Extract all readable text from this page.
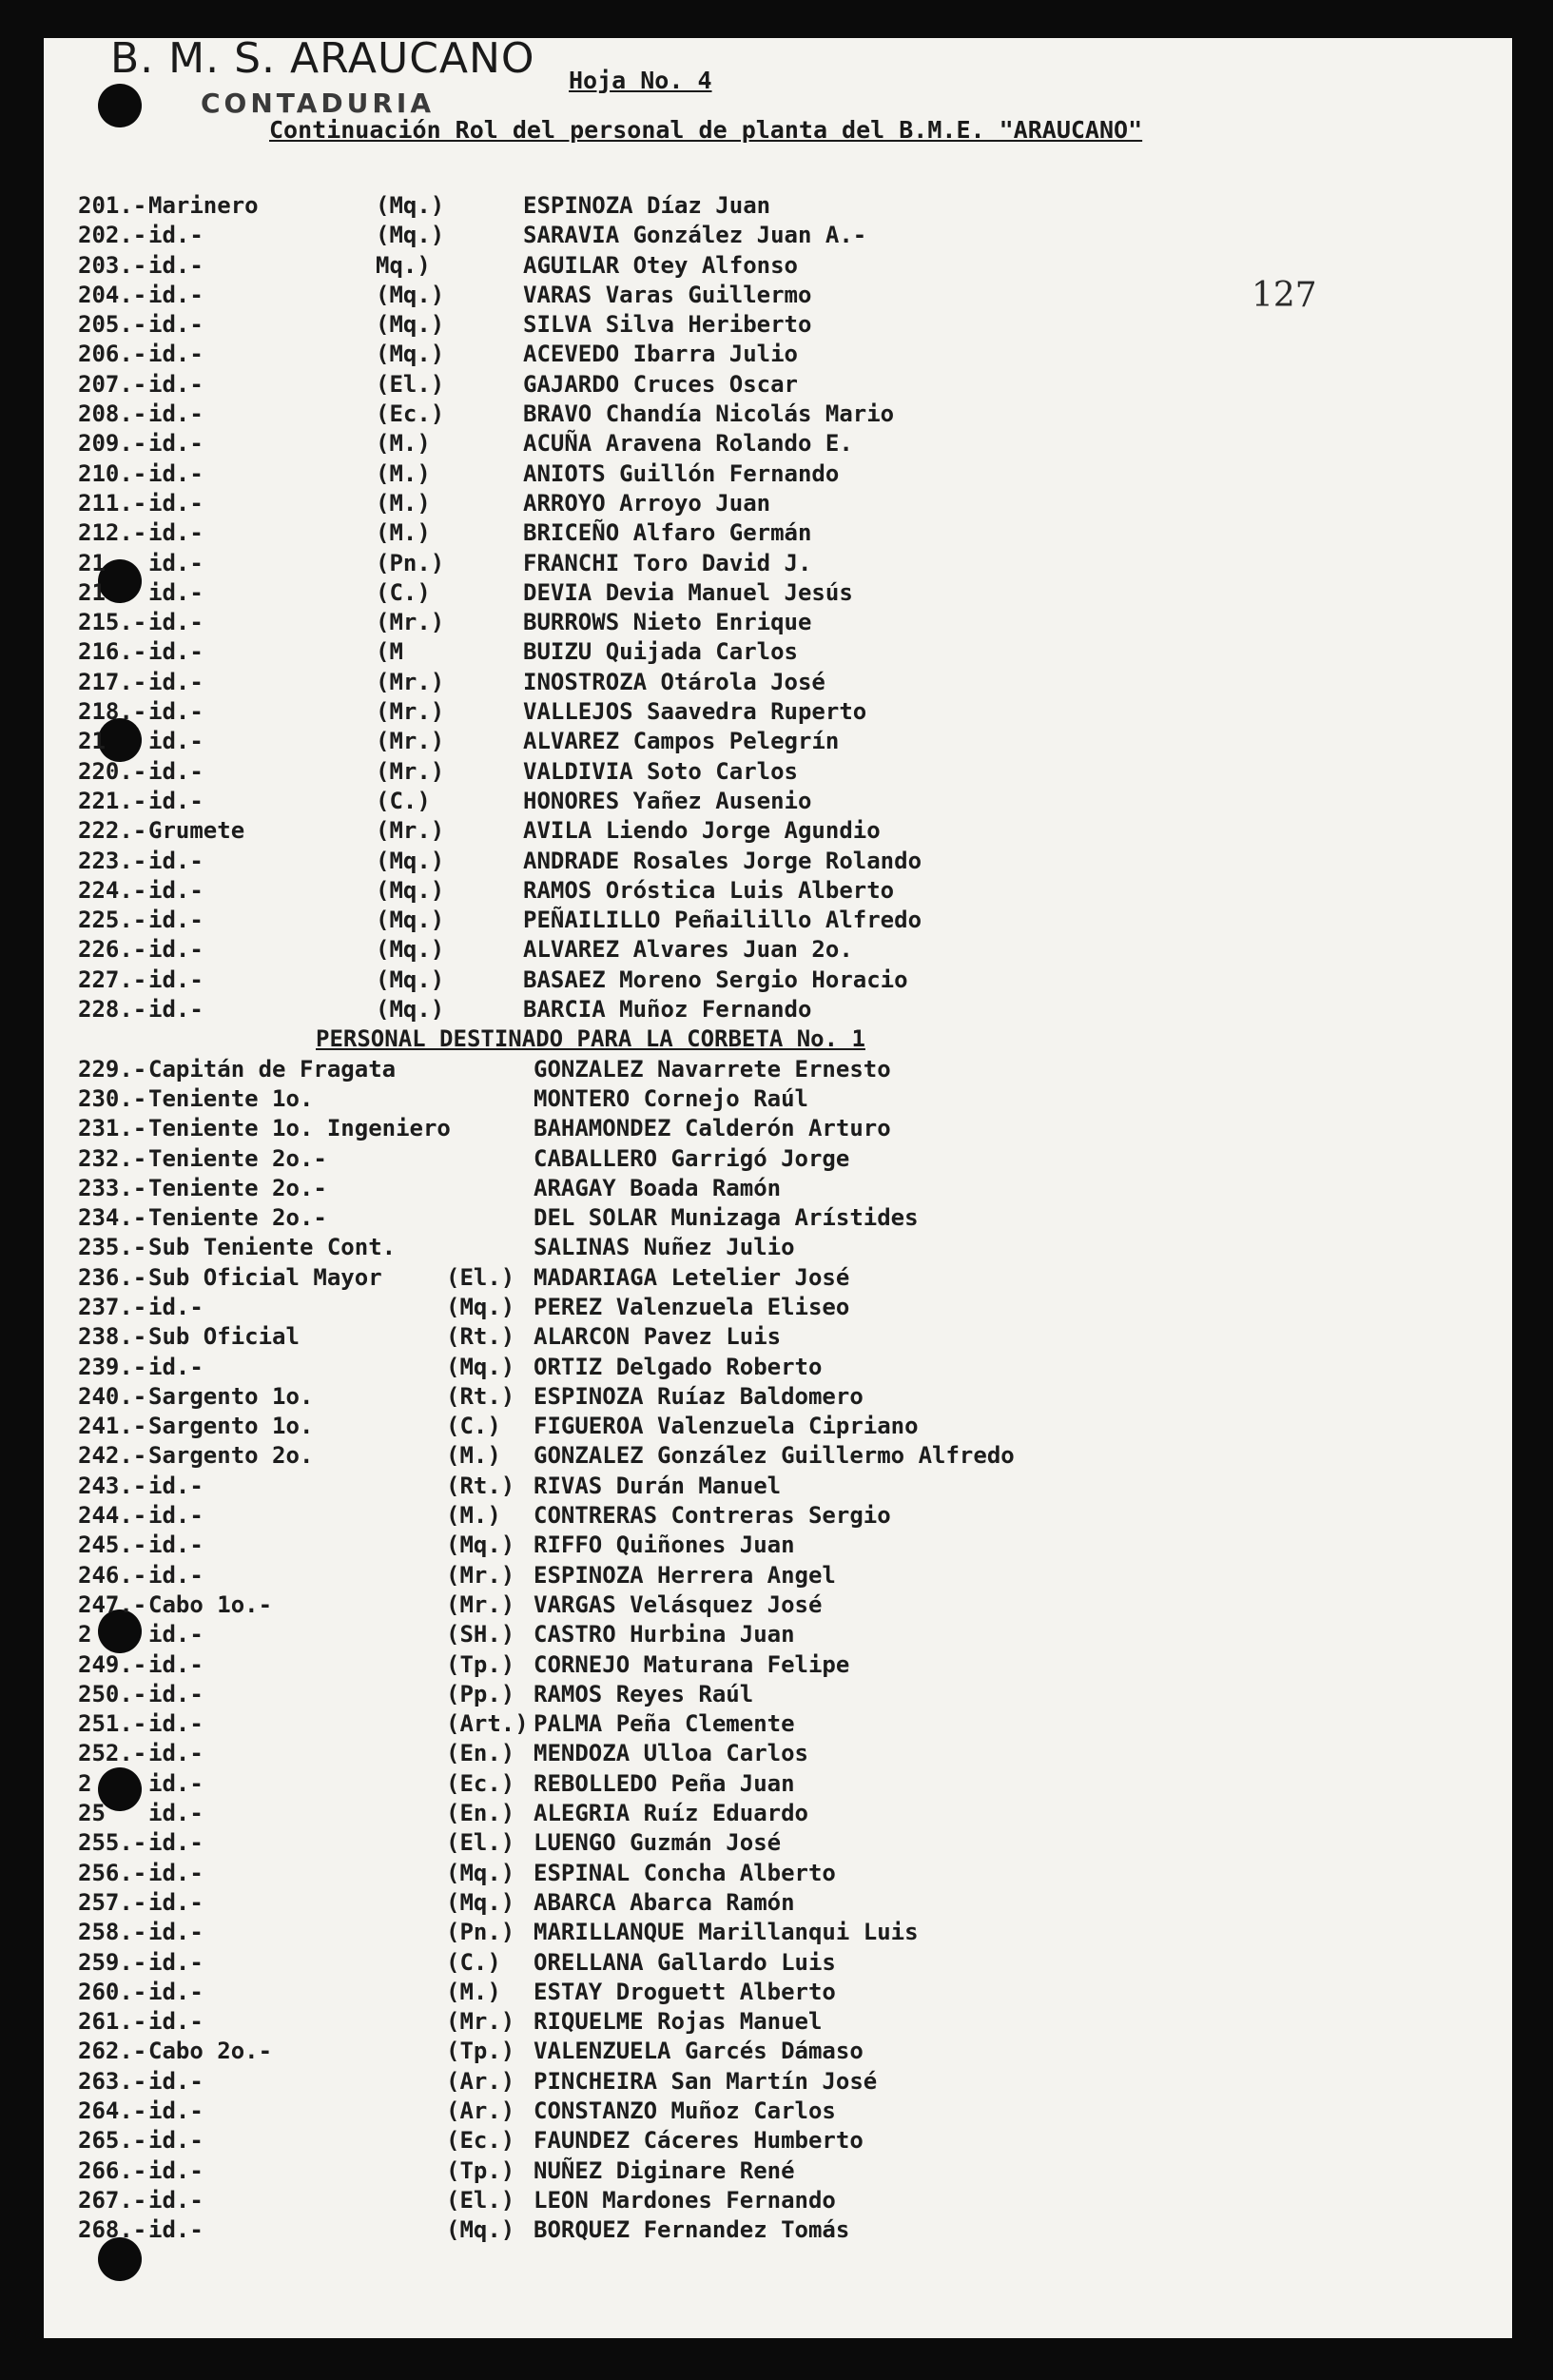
B. M. S. ARAUCANO
CONTADURIA
Hoja No. 4
Continuación Rol del personal de planta del B.M.E. "ARAUCANO"
127
201.- Marinero	(Mq.)	ESPINOZA Díaz Juan
202.- id.-	(Mq.)	SARAVIA González Juan A.-
203.- id.-	Mq.)	AGUILAR Otey Alfonso
204.- id.-	(Mq.)	VARAS Varas Guillermo
205.- id.-	(Mq.)	SILVA Silva Heriberto
206.- id.-	(Mq.)	ACEVEDO Ibarra Julio
207.- id.-	(El.)	GAJARDO Cruces Oscar
208.- id.-	(Ec.)	BRAVO Chandía Nicolás Mario
209.- id.-	(M.)	ACUÑA Aravena Rolando E.
210.- id.-	(M.)	ANIOTS Guillón Fernando
211.- id.-	(M.)	ARROYO Arroyo Juan
212.- id.-	(M.)	BRICEÑO Alfaro Germán
21 id.-	(Pn.)	FRANCHI Toro David J.
21 id.-	(C.)	DEVIA Devia Manuel Jesús
215.- id.-	(Mr.)	BURROWS Nieto Enrique
216.- id.-	(M	BUIZU Quijada Carlos
217.- id.-	(Mr.)	INOSTROZA Otárola José
218.- id.-	(Mr.)	VALLEJOS Saavedra Ruperto
21 id.-	(Mr.)	ALVAREZ Campos Pelegrín
220.- id.-	(Mr.)	VALDIVIA Soto Carlos
221.- id.-	(C.)	HONORES Yañez Ausenio
222.- Grumete	(Mr.)	AVILA Liendo Jorge Agundio
223.- id.-	(Mq.)	ANDRADE Rosales Jorge Rolando
224.- id.-	(Mq.)	RAMOS Oróstica Luis Alberto
225.- id.-	(Mq.)	PEÑAILILLO Peñailillo Alfredo
226.- id.-	(Mq.)	ALVAREZ Alvares Juan 2o.
227.- id.-	(Mq.)	BASAEZ Moreno Sergio Horacio
228.- id.-	(Mq.)	BARCIA Muñoz Fernando
PERSONAL DESTINADO PARA LA CORBETA No. 1
229.- Capitán de Fragata	GONZALEZ Navarrete Ernesto
230.- Teniente 1o.	MONTERO Cornejo Raúl
231.- Teniente 1o. Ingeniero	BAHAMONDEZ Calderón Arturo
232.- Teniente 2o.-	CABALLERO Garrigó Jorge
233.- Teniente 2o.-	ARAGAY Boada Ramón
234.- Teniente 2o.-	DEL SOLAR Munizaga Arístides
235.- Sub Teniente Cont.	SALINAS Nuñez Julio
236.- Sub Oficial Mayor	(El.) MADARIAGA Letelier José
237.- id.-	(Mq.) PEREZ Valenzuela Eliseo
238.- Sub Oficial	(Rt.) ALARCON Pavez Luis
239.- id.-	(Mq.) ORTIZ Delgado Roberto
240.- Sargento 1o.	(Rt.) ESPINOZA Ruíaz Baldomero
241.- Sargento 1o.	(C.) FIGUEROA Valenzuela Cipriano
242.- Sargento 2o.	(M.) GONZALEZ González Guillermo Alfredo
243.- id.-	(Rt.) RIVAS Durán Manuel
244.- id.-	(M.) CONTRERAS Contreras Sergio
245.- id.-	(Mq.) RIFFO Quiñones Juan
246.- id.-	(Mr.) ESPINOZA Herrera Angel
247.- Cabo 1o.-	(Mr.) VARGAS Velásquez José
2 id.-	(SH.) CASTRO Hurbina Juan
249.- id.-	(Tp.) CORNEJO Maturana Felipe
250.- id.-	(Pp.) RAMOS Reyes Raúl
251.- id.-	(Art.) PALMA Peña Clemente
252.- id.-	(En.) MENDOZA Ulloa Carlos
2 id.-	(Ec.) REBOLLEDO Peña Juan
25 id.-	(En.) ALEGRIA Ruíz Eduardo
255.- id.-	(El.) LUENGO Guzmán José
256.- id.-	(Mq.) ESPINAL Concha Alberto
257.- id.-	(Mq.) ABARCA Abarca Ramón
258.- id.-	(Pn.) MARILLANQUE Marillanqui Luis
259.- id.-	(C.) ORELLANA Gallardo Luis
260.- id.-	(M.) ESTAY Droguett Alberto
261.- id.-	(Mr.) RIQUELME Rojas Manuel
262.- Cabo 2o.-	(Tp.) VALENZUELA Garcés Dámaso
263.- id.-	(Ar.) PINCHEIRA San Martín José
264.- id.-	(Ar.) CONSTANZO Muñoz Carlos
265.- id.-	(Ec.) FAUNDEZ Cáceres Humberto
266.- id.-	(Tp.) NUÑEZ Diginare René
267.- id.-	(El.) LEON Mardones Fernando
268.- id.-	(Mq.) BORQUEZ Fernandez Tomás
